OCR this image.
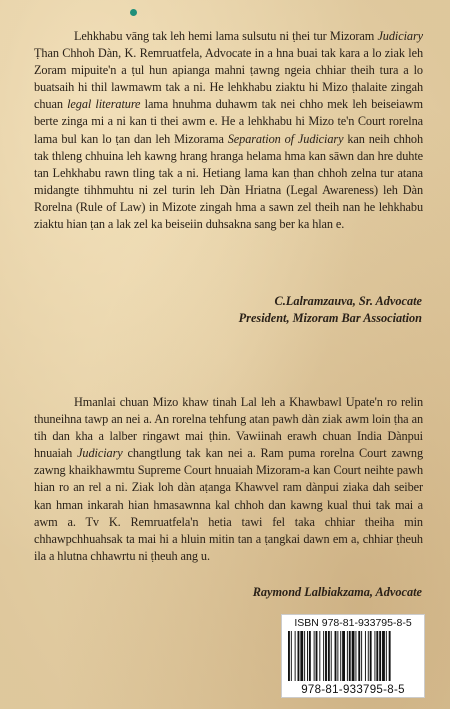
Lehkhabu vāng tak leh hemi lama sulsutu ni ṭhei tur Mizoram Judiciary Ṭhan Chhoh Dàn, K. Remruatfela, Advocate in a hna buai tak kara a lo ziak leh Zoram mipuite'n a ṭul hun apianga mahni ṭawng ngeia chhiar theih tura a lo buatsaih hi thil lawmawm tak a ni. He lehkhabu ziaktu hi Mizo ṭhalaite zingah chuan legal literature lama hnuhma duhawm tak nei chho mek leh beiseiawm berte zinga mi a ni kan ti thei awm e. He a lehkhabu hi Mizo te'n Court rorelna lama bul kan lo ṭan dan leh Mizorama Separation of Judiciary kan neih chhoh tak thleng chhuina leh kawng hrang hranga helama hma kan sāwn dan hre duhte tan Lehkhabu rawn tling tak a ni. Hetiang lama kan ṭhan chhoh zelna tur atana midangte tihhmuhtu ni zel turin leh Dàn Hriatna (Legal Awareness) leh Dàn Rorelna (Rule of Law) in Mizote zingah hma a sawn zel theih nan he lehkhabu ziaktu hian ṭan a lak zel ka beiseiin duhsakna sang ber ka hlan e.

C.Lalramzauva, Sr. Advocate
President, Mizoram Bar Association

Hmanlai chuan Mizo khaw tinah Lal leh a Khawbawl Upate'n ro relin thuneihna tawp an nei a. An rorelna tehfung atan pawh dàn ziak awm loin ṭha an tih dan kha a lalber ringawt mai ṭhin. Vawiinah erawh chuan India Dànpui hnuaiah Judiciary changtlung tak kan nei a. Ram puma rorelna Court zawng zawng khaikhawmtu Supreme Court hnuaiah Mizoram-a kan Court neihte pawh hian ro an rel a ni. Ziak loh dàn aṭanga Khawvel ram dànpui ziaka dah seiber kan hman inkarah hian hmasawnna kal chhoh dan kawng kual thui tak mai a awm a. Tv K. Remruatfela'n hetia tawi fel taka chhiar theiha min chhawpchhuahsak ta mai hi a hluin mitin tan a ṭangkai dawn em a, chhiar ṭheuh ila a hlutna chhawrtu ni ṭheuh ang u.

Raymond Lalbiakzama, Advocate
ISBN 978-81-933795-8-5
978-81-933795-8-5
